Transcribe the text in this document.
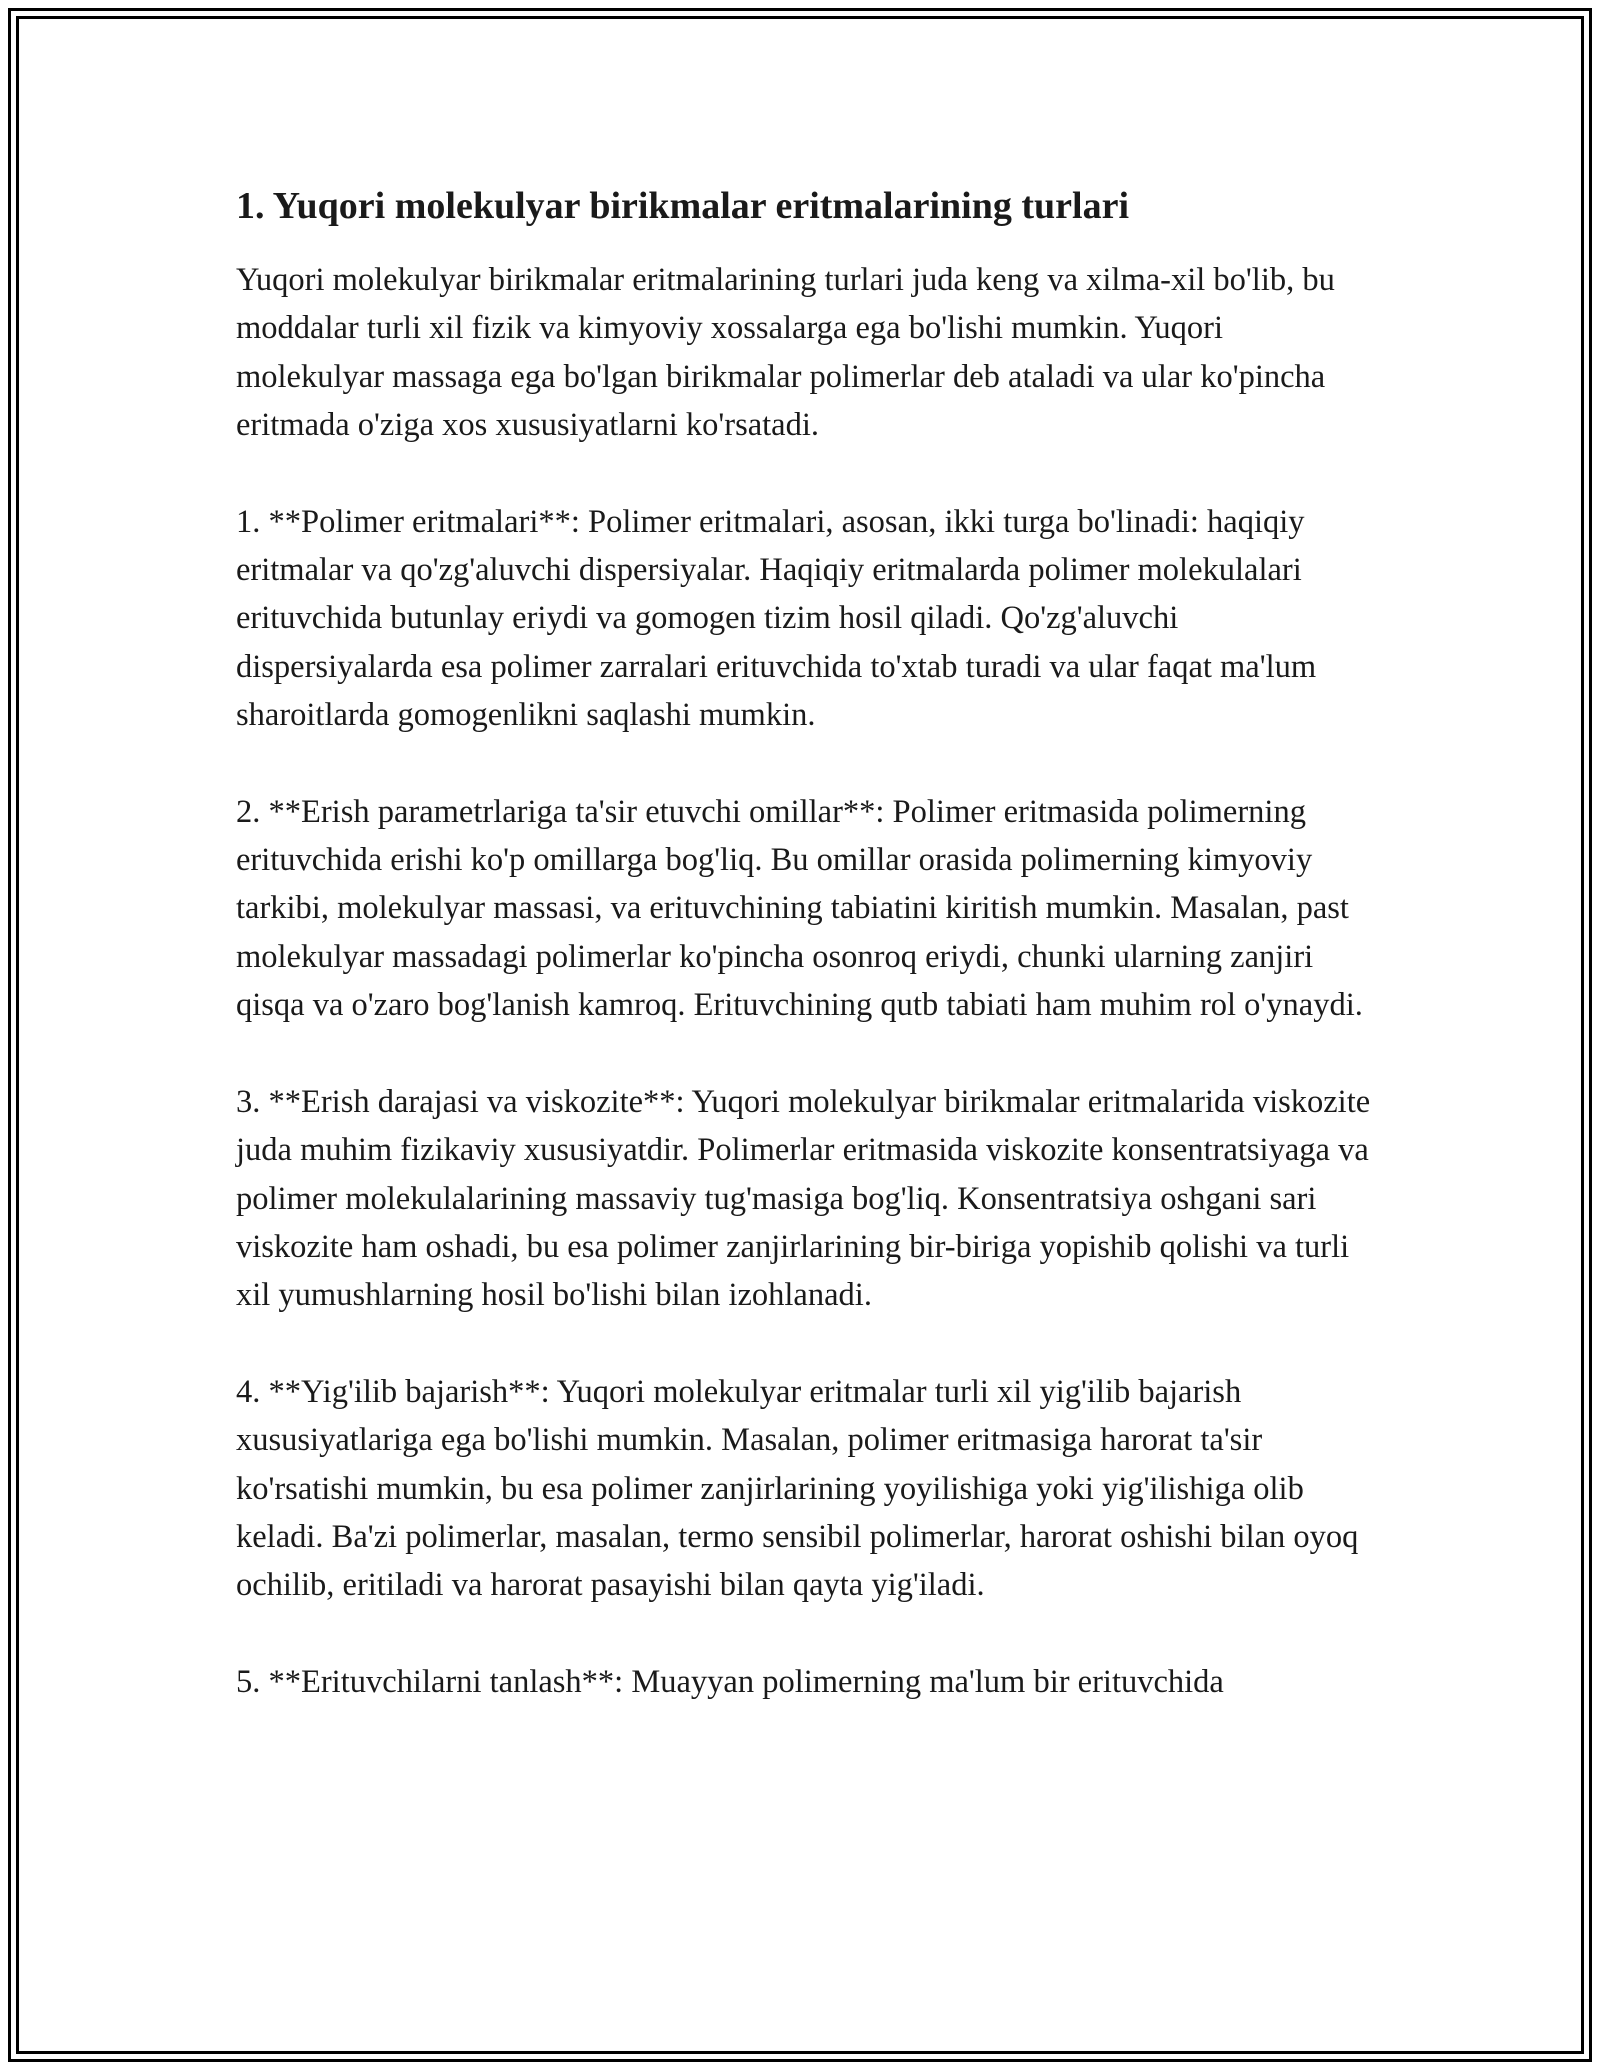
1. Yuqori molekulyar birikmalar eritmalarining turlari

Yuqori molekulyar birikmalar eritmalarining turlari juda keng va xilma-xil bo'lib, bu moddalar turli xil fizik va kimyoviy xossalarga ega bo'lishi mumkin. Yuqori molekulyar massaga ega bo'lgan birikmalar polimerlar deb ataladi va ular ko'pincha eritmada o'ziga xos xususiyatlarni ko'rsatadi.

1. **Polimer eritmalari**: Polimer eritmalari, asosan, ikki turga bo'linadi: haqiqiy eritmalar va qo'zg'aluvchi dispersiyalar. Haqiqiy eritmalarda polimer molekulalari erituvchida butunlay eriydi va gomogen tizim hosil qiladi. Qo'zg'aluvchi dispersiyalarda esa polimer zarralari erituvchida to'xtab turadi va ular faqat ma'lum sharoitlarda gomogenlikni saqlashi mumkin.

2. **Erish parametrlariga ta'sir etuvchi omillar**: Polimer eritmasida polimerning erituvchida erishi ko'p omillarga bog'liq. Bu omillar orasida polimerning kimyoviy tarkibi, molekulyar massasi, va erituvchining tabiatini kiritish mumkin. Masalan, past molekulyar massadagi polimerlar ko'pincha osonroq eriydi, chunki ularning zanjiri qisqa va o'zaro bog'lanish kamroq. Erituvchining qutb tabiati ham muhim rol o'ynaydi.

3. **Erish darajasi va viskozite**: Yuqori molekulyar birikmalar eritmalarida viskozite juda muhim fizikaviy xususiyatdir. Polimerlar eritmasida viskozite konsentratsiyaga va polimer molekulalarining massaviy tug'masiga bog'liq. Konsentratsiya oshgani sari viskozite ham oshadi, bu esa polimer zanjirlarining bir-biriga yopishib qolishi va turli xil yumushlarning hosil bo'lishi bilan izohlanadi.

4. **Yig'ilib bajarish**: Yuqori molekulyar eritmalar turli xil yig'ilib bajarish xususiyatlariga ega bo'lishi mumkin. Masalan, polimer eritmasiga harorat ta'sir ko'rsatishi mumkin, bu esa polimer zanjirlarining yoyilishiga yoki yig'ilishiga olib keladi. Ba'zi polimerlar, masalan, termo sensibil polimerlar, harorat oshishi bilan oyoq ochilib, eritiladi va harorat pasayishi bilan qayta yig'iladi.

5. **Erituvchilarni tanlash**: Muayyan polimerning ma'lum bir erituvchida
